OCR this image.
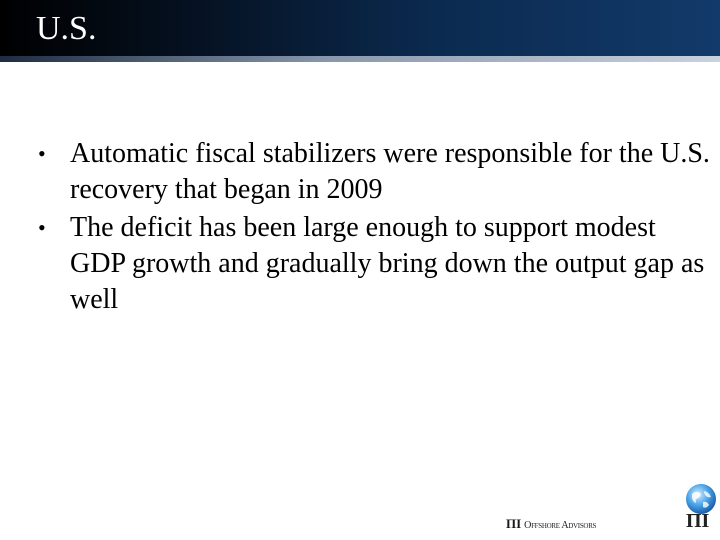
U.S.
• Automatic fiscal stabilizers were responsible for the U.S. recovery that began in 2009
• The deficit has been large enough to support modest GDP growth and gradually bring down the output gap as well
ΠΙ Offshore Advisors	ΠΙ
